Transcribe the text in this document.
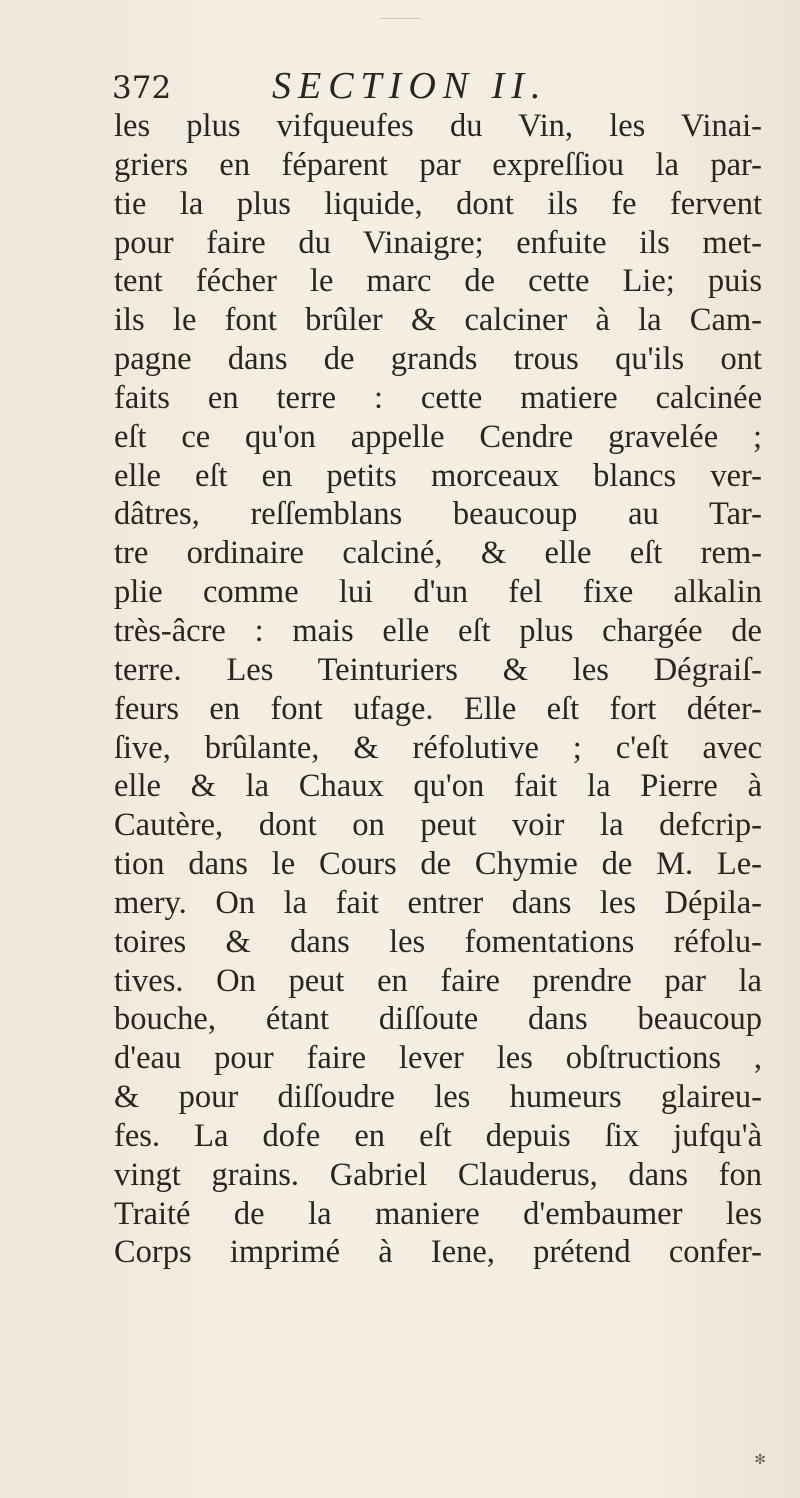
372	SECTION II.
les plus vifqueufes du Vin, les Vinai-
griers en féparent par expreſſiou la par-
tie la plus liquide, dont ils fe fervent
pour faire du Vinaigre; enfuite ils met-
tent fécher le marc de cette Lie; puis
ils le font brûler & calciner à la Cam-
pagne dans de grands trous qu'ils ont
faits en terre : cette matiere calcinée
eſt ce qu'on appelle Cendre gravelée ;
elle eſt en petits morceaux blancs ver-
dâtres, reſſemblans beaucoup au Tar-
tre ordinaire calciné, & elle eſt rem-
plie comme lui d'un fel fixe alkalin
très-âcre : mais elle eſt plus chargée de
terre. Les Teinturiers & les Dégraiſ-
feurs en font ufage. Elle eſt fort déter-
ſive, brûlante, & réfolutive ; c'eſt avec
elle & la Chaux qu'on fait la Pierre à
Cautère, dont on peut voir la defcrip-
tion dans le Cours de Chymie de M. Le-
mery. On la fait entrer dans les Dépila-
toires & dans les fomentations réfolu-
tives. On peut en faire prendre par la
bouche, étant diſſoute dans beaucoup
d'eau pour faire lever les obſtructions ,
& pour diſſoudre les humeurs glaireu-
fes. La dofe en eſt depuis ſix jufqu'à
vingt grains. Gabriel Clauderus, dans fon
Traité de la maniere d'embaumer les
Corps imprimé à Iene, prétend confer-
✻
